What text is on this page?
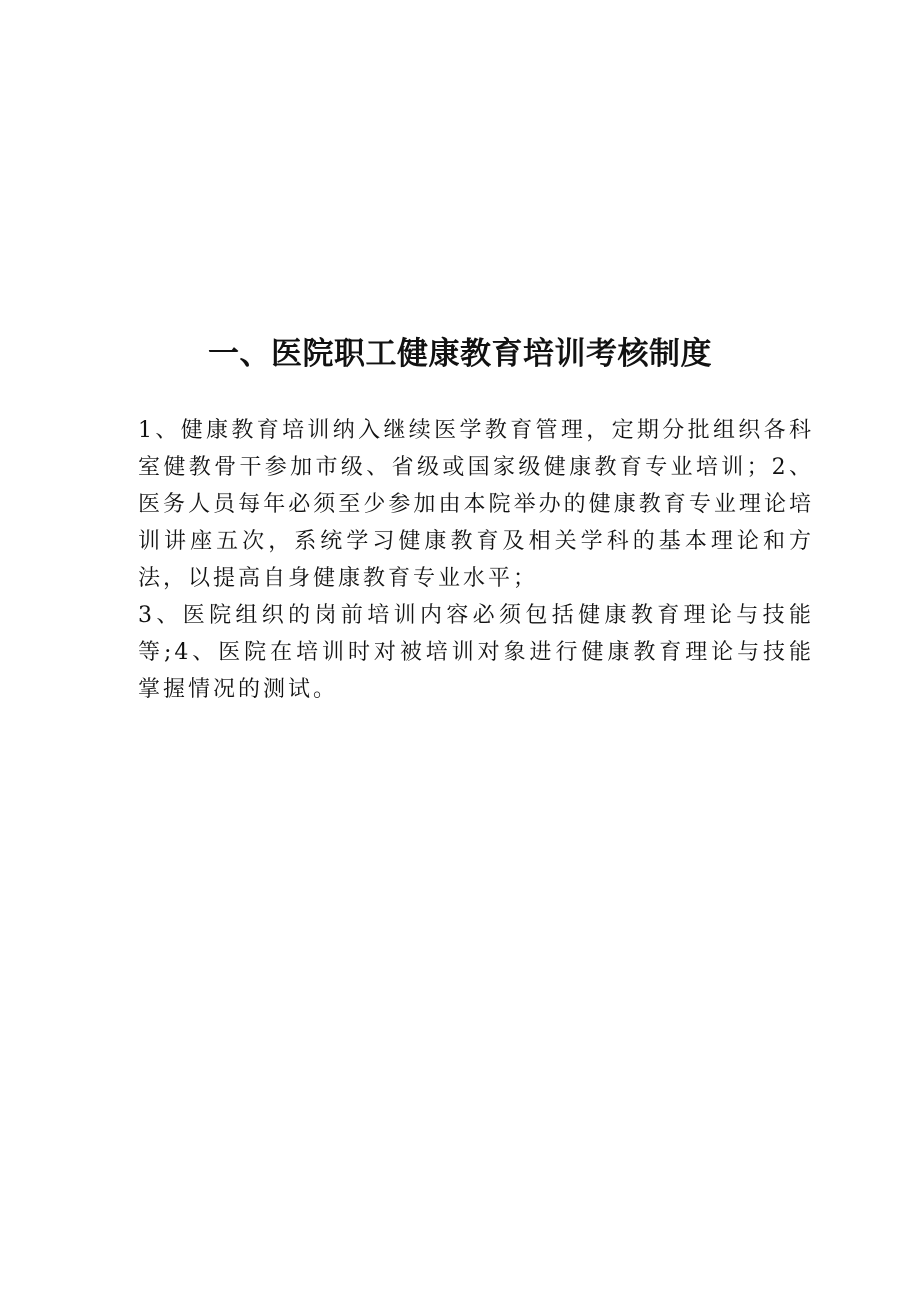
一、医院职工健康教育培训考核制度

1、健康教育培训纳入继续医学教育管理，定期分批组织各科室健教骨干参加市级、省级或国家级健康教育专业培训；2、医务人员每年必须至少参加由本院举办的健康教育专业理论培训讲座五次，系统学习健康教育及相关学科的基本理论和方法，以提高自身健康教育专业水平；

3、医院组织的岗前培训内容必须包括健康教育理论与技能等;4、医院在培训时对被培训对象进行健康教育理论与技能掌握情况的测试。
